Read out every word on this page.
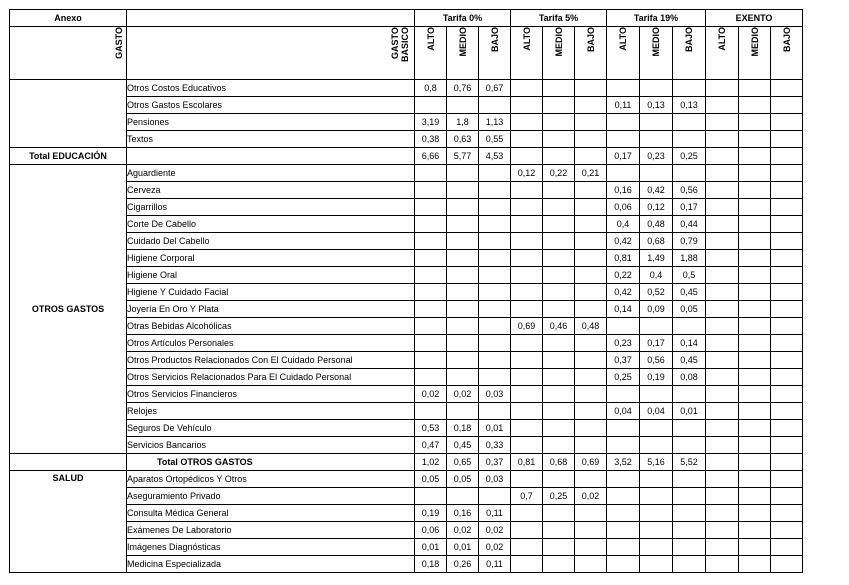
Anexo		Tarifa 0%			Tarifa 5%			Tarifa 19%			EXENTO		
GASTO	GASTO BASICO	ALTO	MEDIO	BAJO	ALTO	MEDIO	BAJO	ALTO	MEDIO	BAJO	ALTO	MEDIO	BAJO
	Otros Costos Educativos	0,8	0,76	0,67									
	Otros Gastos Escolares							0,11	0,13	0,13			
	Pensiones	3,19	1,8	1,13									
	Textos	0,38	0,63	0,55									
Total EDUCACIÓN		6,66	5,77	4,53				0,17	0,23	0,25			
OTROS GASTOS	Aguardiente				0,12	0,22	0,21						
	Cerveza							0,16	0,42	0,56			
	Cigarrillos							0,06	0,12	0,17			
	Corte De Cabello							0,4	0,48	0,44			
	Cuidado Del Cabello							0,42	0,68	0,79			
	Higiene Corporal							0,81	1,49	1,88			
	Higiene Oral							0,22	0,4	0,5			
	Higiene Y Cuidado Facial							0,42	0,52	0,45			
	Joyería En Oro Y Plata							0,14	0,09	0,05			
	Otras Bebidas Alcohólicas				0,69	0,46	0,48						
	Otros Artículos Personales							0,23	0,17	0,14			
	Otros Productos Relacionados Con El Cuidado Personal							0,37	0,56	0,45			
	Otros Servicios Relacionados Para El Cuidado Personal							0,25	0,19	0,08			
	Otros Servicios Financieros	0,02	0,02	0,03									
	Relojes							0,04	0,04	0,01			
	Seguros De Vehículo	0,53	0,18	0,01									
	Servicios Bancarios	0,47	0,45	0,33									
	Total OTROS GASTOS	1,02	0,65	0,37	0,81	0,68	0,69	3,52	5,16	5,52			
SALUD	Aparatos Ortopédicos Y Otros	0,05	0,05	0,03									
	Aseguramiento Privado				0,7	0,25	0,02						
	Consulta Médica General	0,19	0,16	0,11									
	Exámenes De Laboratorio	0,06	0,02	0,02									
	Imágenes Diagnósticas	0,01	0,01	0,02									
	Medicina Especializada	0,18	0,26	0,11									
